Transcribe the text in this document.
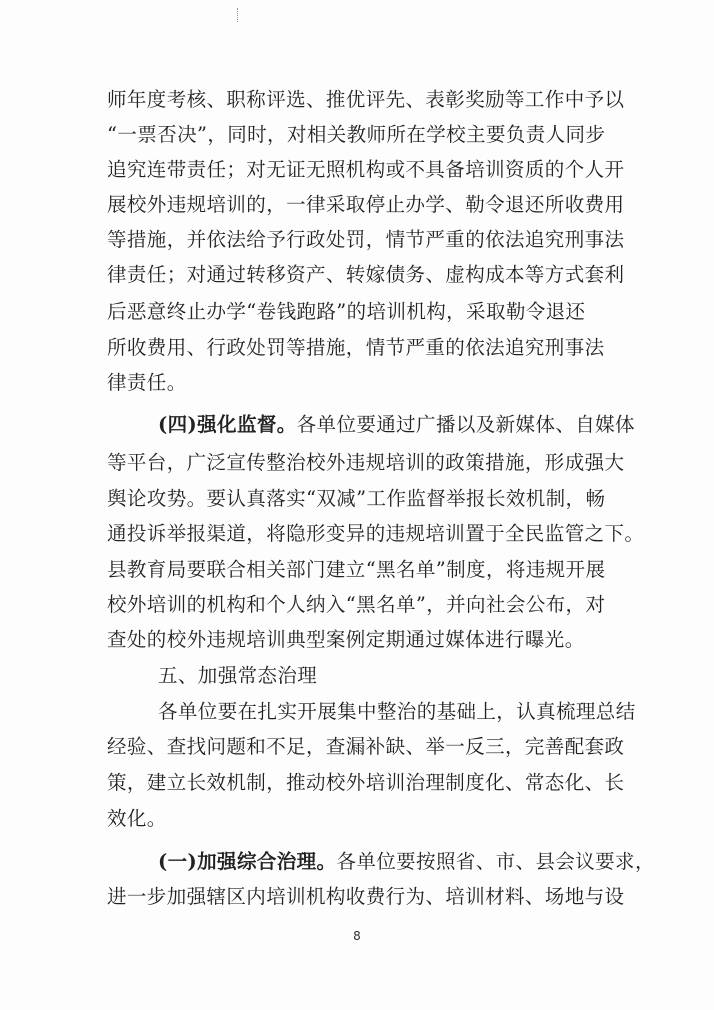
师年度考核、职称评选、推优评先、表彰奖励等工作中予以
“一票否决”，同时，对相关教师所在学校主要负责人同步
追究连带责任；对无证无照机构或不具备培训资质的个人开
展校外违规培训的，一律采取停止办学、勒令退还所收费用
等措施，并依法给予行政处罚，情节严重的依法追究刑事法
律责任；对通过转移资产、转嫁债务、虚构成本等方式套利
后恶意终止办学“卷钱跑路”的培训机构，采取勒令退还
所收费用、行政处罚等措施，情节严重的依法追究刑事法
律责任。
(四)强化监督。各单位要通过广播以及新媒体、自媒体
等平台，广泛宣传整治校外违规培训的政策措施，形成强大
舆论攻势。要认真落实“双减”工作监督举报长效机制，畅
通投诉举报渠道，将隐形变异的违规培训置于全民监管之下。
县教育局要联合相关部门建立“黑名单”制度，将违规开展
校外培训的机构和个人纳入“黑名单”，并向社会公布，对
查处的校外违规培训典型案例定期通过媒体进行曝光。
五、加强常态治理
各单位要在扎实开展集中整治的基础上，认真梳理总结
经验、查找问题和不足，查漏补缺、举一反三，完善配套政
策，建立长效机制，推动校外培训治理制度化、常态化、长
效化。
(一)加强综合治理。各单位要按照省、市、县会议要求，
进一步加强辖区内培训机构收费行为、培训材料、场地与设
8
